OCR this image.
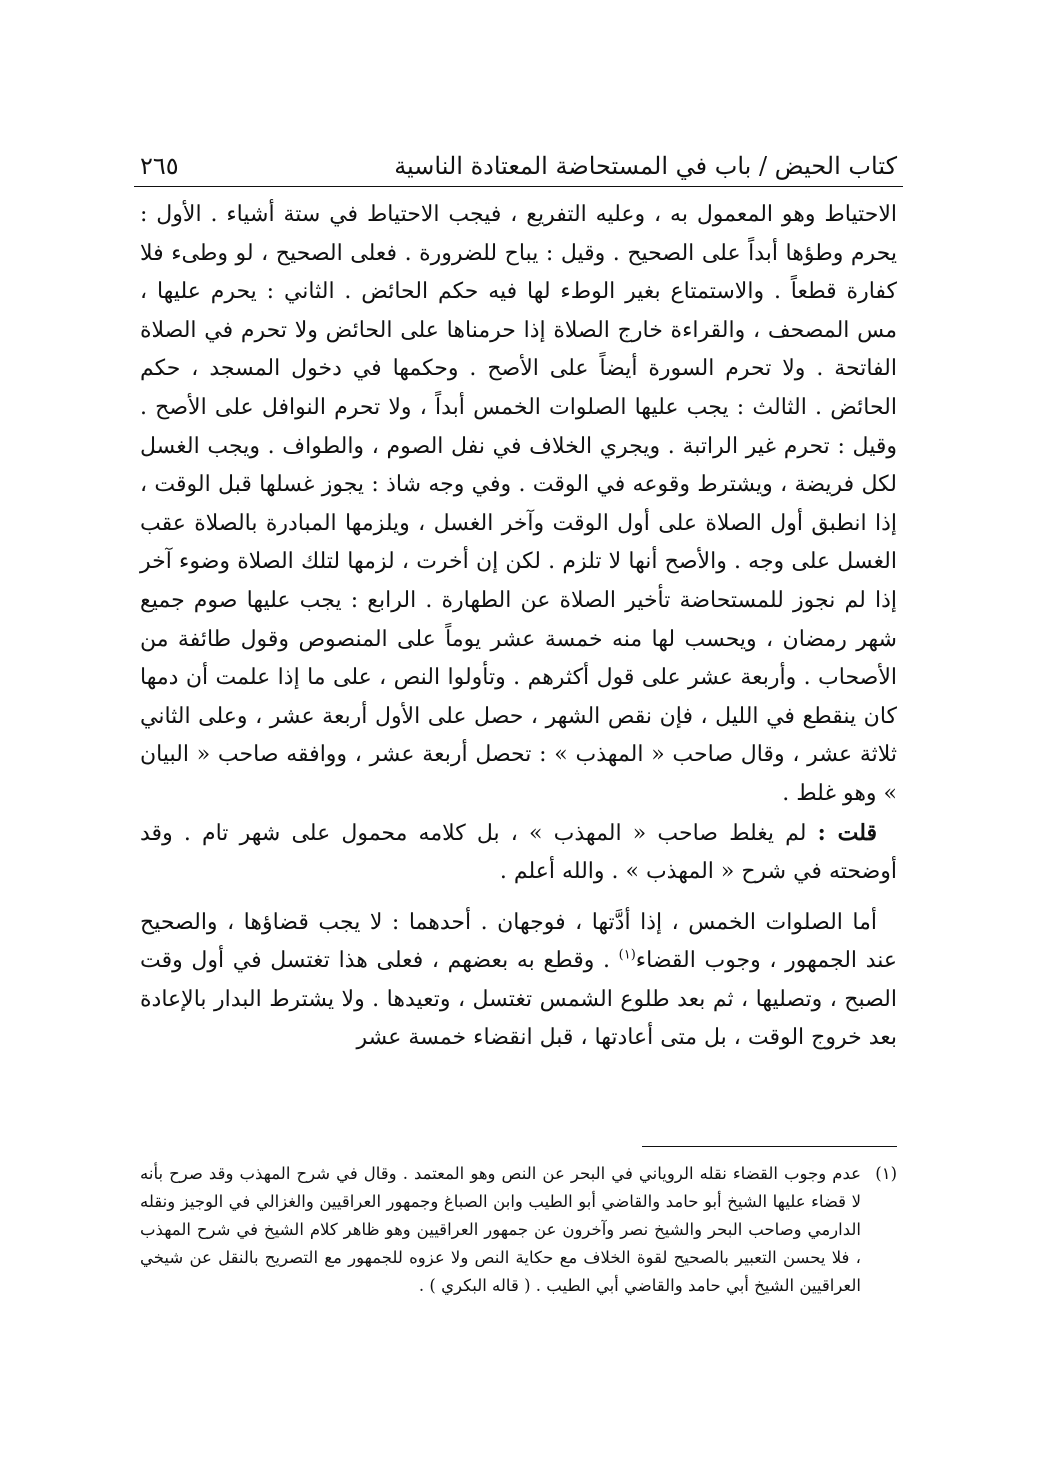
كتاب الحيض / باب في المستحاضة المعتادة الناسية
٢٦٥

الاحتياط وهو المعمول به ، وعليه التفريع ، فيجب الاحتياط في ستة أشياء . الأول : يحرم وطؤها أبداً على الصحيح . وقيل : يباح للضرورة . فعلى الصحيح ، لو وطىء فلا كفارة قطعاً . والاستمتاع بغير الوطء لها فيه حكم الحائض . الثاني : يحرم عليها ، مس المصحف ، والقراءة خارج الصلاة إذا حرمناها على الحائض ولا تحرم في الصلاة الفاتحة . ولا تحرم السورة أيضاً على الأصح . وحكمها في دخول المسجد ، حكم الحائض . الثالث : يجب عليها الصلوات الخمس أبداً ، ولا تحرم النوافل على الأصح . وقيل : تحرم غير الراتبة . ويجري الخلاف في نفل الصوم ، والطواف . ويجب الغسل لكل فريضة ، ويشترط وقوعه في الوقت . وفي وجه شاذ : يجوز غسلها قبل الوقت ، إذا انطبق أول الصلاة على أول الوقت وآخر الغسل ، ويلزمها المبادرة بالصلاة عقب الغسل على وجه . والأصح أنها لا تلزم . لكن إن أخرت ، لزمها لتلك الصلاة وضوء آخر إذا لم نجوز للمستحاضة تأخير الصلاة عن الطهارة . الرابع : يجب عليها صوم جميع شهر رمضان ، ويحسب لها منه خمسة عشر يوماً على المنصوص وقول طائفة من الأصحاب . وأربعة عشر على قول أكثرهم . وتأولوا النص ، على ما إذا علمت أن دمها كان ينقطع في الليل ، فإن نقص الشهر ، حصل على الأول أربعة عشر ، وعلى الثاني ثلاثة عشر ، وقال صاحب « المهذب » : تحصل أربعة عشر ، ووافقه صاحب « البيان » وهو غلط .

قلت : لم يغلط صاحب « المهذب » ، بل كلامه محمول على شهر تام . وقد أوضحته في شرح « المهذب » . والله أعلم .

أما الصلوات الخمس ، إذا أدَّتها ، فوجهان . أحدهما : لا يجب قضاؤها ، والصحيح عند الجمهور ، وجوب القضاء$^{(١)}$ . وقطع به بعضهم ، فعلى هذا تغتسل في أول وقت الصبح ، وتصليها ، ثم بعد طلوع الشمس تغتسل ، وتعيدها . ولا يشترط البدار بالإعادة بعد خروج الوقت ، بل متى أعادتها ، قبل انقضاء خمسة عشر

(١)
عدم وجوب القضاء نقله الروياني في البحر عن النص وهو المعتمد . وقال في شرح المهذب وقد صرح بأنه لا قضاء عليها الشيخ أبو حامد والقاضي أبو الطيب وابن الصباغ وجمهور العراقيين والغزالي في الوجيز ونقله الدارمي وصاحب البحر والشيخ نصر وآخرون عن جمهور العراقيين وهو ظاهر كلام الشيخ في شرح المهذب ، فلا يحسن التعبير بالصحيح لقوة الخلاف مع حكاية النص ولا عزوه للجمهور مع التصريح بالنقل عن شيخي العراقيين الشيخ أبي حامد والقاضي أبي الطيب . ( قاله البكري ) .
